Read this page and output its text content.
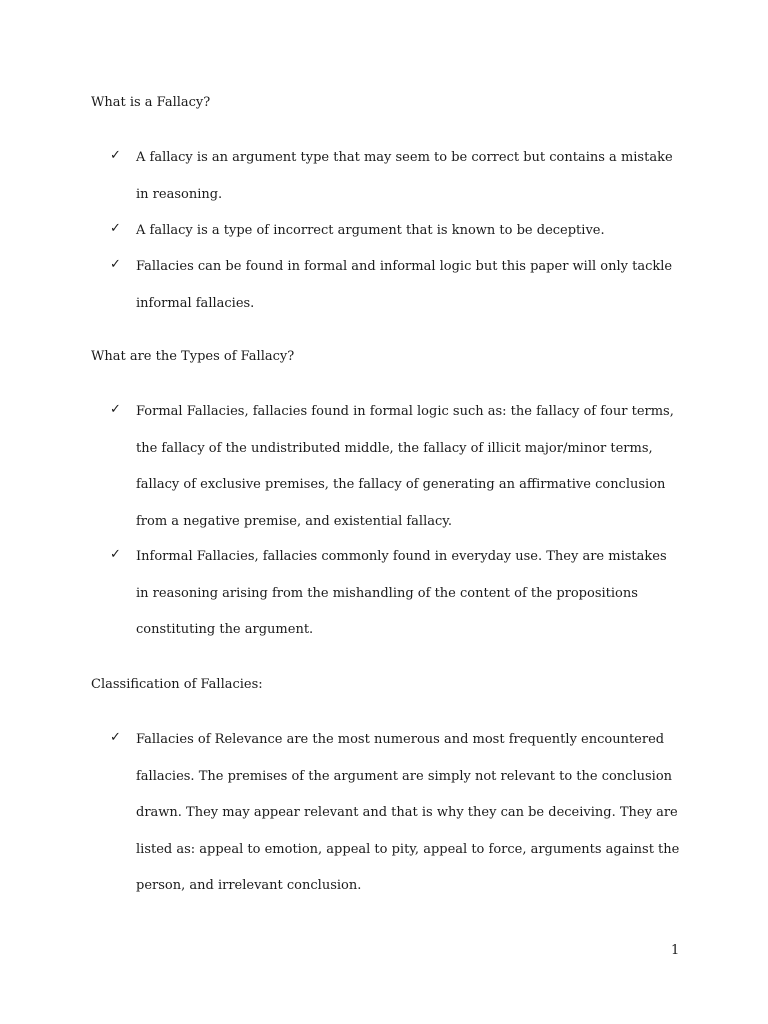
What is a Fallacy?
✓ A fallacy is an argument type that may seem to be correct but contains a mistake in reasoning.
✓ A fallacy is a type of incorrect argument that is known to be deceptive.
✓ Fallacies can be found in formal and informal logic but this paper will only tackle informal fallacies.
What are the Types of Fallacy?
✓ Formal Fallacies, fallacies found in formal logic such as: the fallacy of four terms, the fallacy of the undistributed middle, the fallacy of illicit major/minor terms, fallacy of exclusive premises, the fallacy of generating an affirmative conclusion from a negative premise, and existential fallacy.
✓ Informal Fallacies, fallacies commonly found in everyday use. They are mistakes in reasoning arising from the mishandling of the content of the propositions constituting the argument.
Classification of Fallacies:
✓ Fallacies of Relevance are the most numerous and most frequently encountered fallacies. The premises of the argument are simply not relevant to the conclusion drawn. They may appear relevant and that is why they can be deceiving. They are listed as: appeal to emotion, appeal to pity, appeal to force, arguments against the person, and irrelevant conclusion.
1
